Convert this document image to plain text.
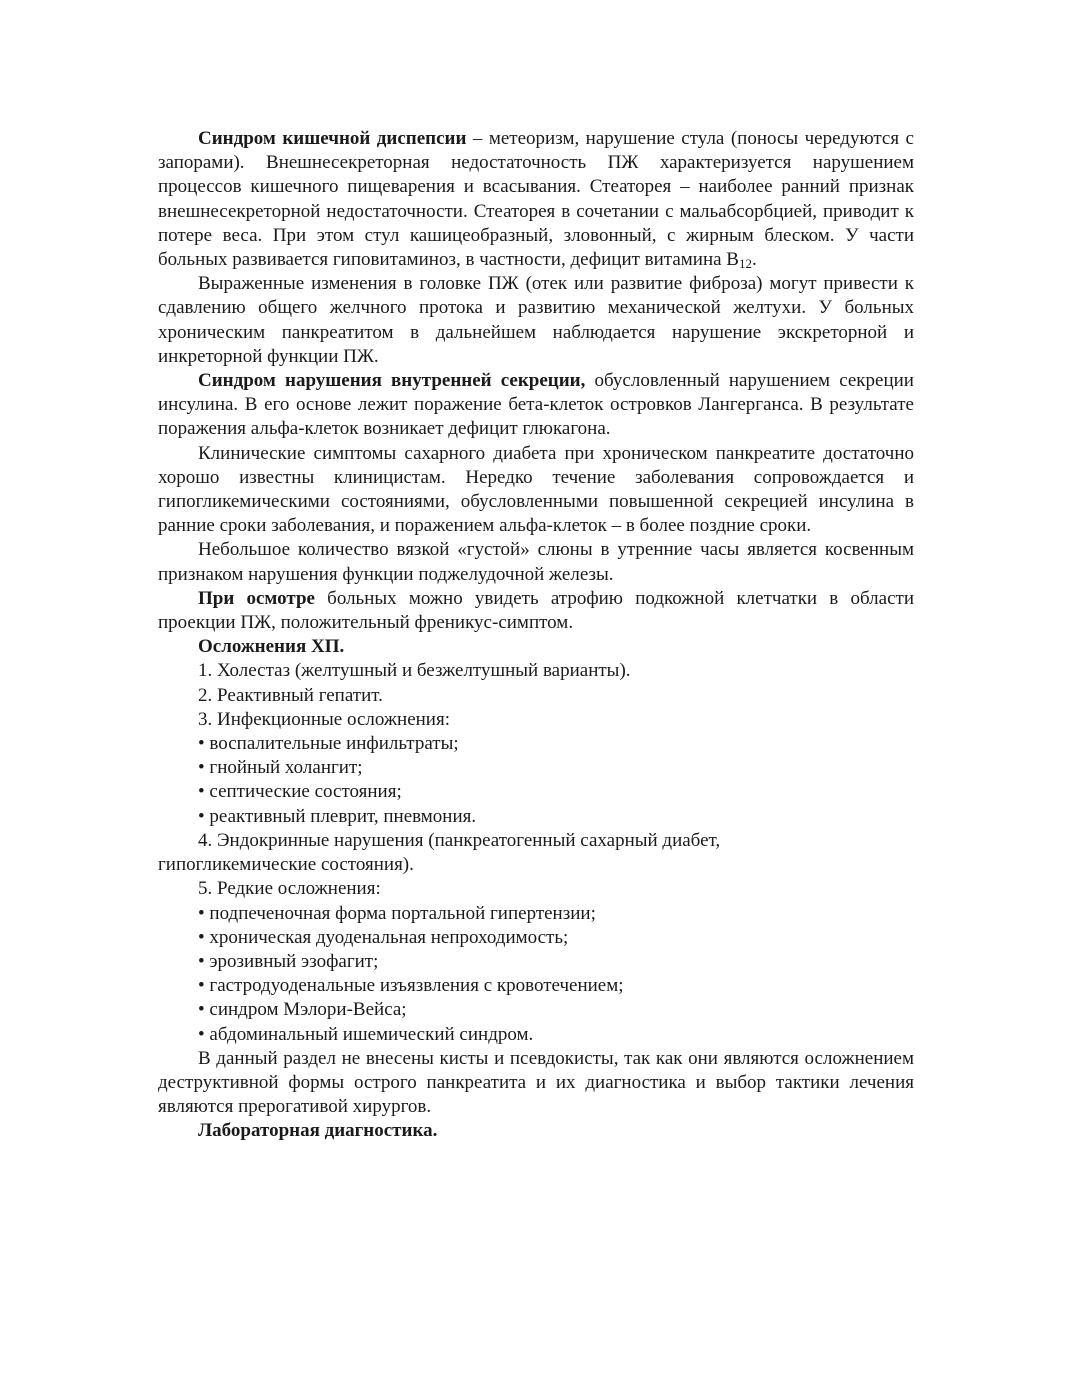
Синдром кишечной диспепсии – метеоризм, нарушение стула (поносы чередуются с запорами). Внешнесекреторная недостаточность ПЖ характеризуется нарушением процессов кишечного пищеварения и всасывания. Стеаторея – наиболее ранний признак внешнесекреторной недостаточности. Стеаторея в сочетании с мальабсорбцией, приводит к потере веса. При этом стул кашицеобразный, зловонный, с жирным блеском. У части больных развивается гиповитаминоз, в частности, дефицит витамина $B_{12}$.

Выраженные изменения в головке ПЖ (отек или развитие фиброза) могут привести к сдавлению общего желчного протока и развитию механической желтухи. У больных хроническим панкреатитом в дальнейшем наблюдается нарушение экскреторной и инкреторной функции ПЖ.

Синдром нарушения внутренней секреции, обусловленный нарушением секреции инсулина. В его основе лежит поражение бета-клеток островков Лангерганса. В результате поражения альфа-клеток возникает дефицит глюкагона.

Клинические симптомы сахарного диабета при хроническом панкреатите достаточно хорошо известны клиницистам. Нередко течение заболевания сопровождается и гипогликемическими состояниями, обусловленными повышенной секрецией инсулина в ранние сроки заболевания, и поражением альфа-клеток – в более поздние сроки.

Небольшое количество вязкой «густой» слюны в утренние часы является косвенным признаком нарушения функции поджелудочной железы.

При осмотре больных можно увидеть атрофию подкожной клетчатки в области проекции ПЖ, положительный френикус-симптом.

Осложнения ХП.

1. Холестаз (желтушный и безжелтушный варианты).

2. Реактивный гепатит.

3. Инфекционные осложнения:

• воспалительные инфильтраты;

• гнойный холангит;

• септические состояния;

• реактивный плеврит, пневмония.

4. Эндокринные нарушения (панкреатогенный сахарный диабет,

гипогликемические состояния).

5. Редкие осложнения:

• подпеченочная форма портальной гипертензии;

• хроническая дуоденальная непроходимость;

• эрозивный эзофагит;

• гастродуоденальные изъязвления с кровотечением;

• синдром Мэлори-Вейса;

• абдоминальный ишемический синдром.

В данный раздел не внесены кисты и псевдокисты, так как они являются осложнением деструктивной формы острого панкреатита и их диагностика и выбор тактики лечения являются прерогативой хирургов.

Лабораторная диагностика.
